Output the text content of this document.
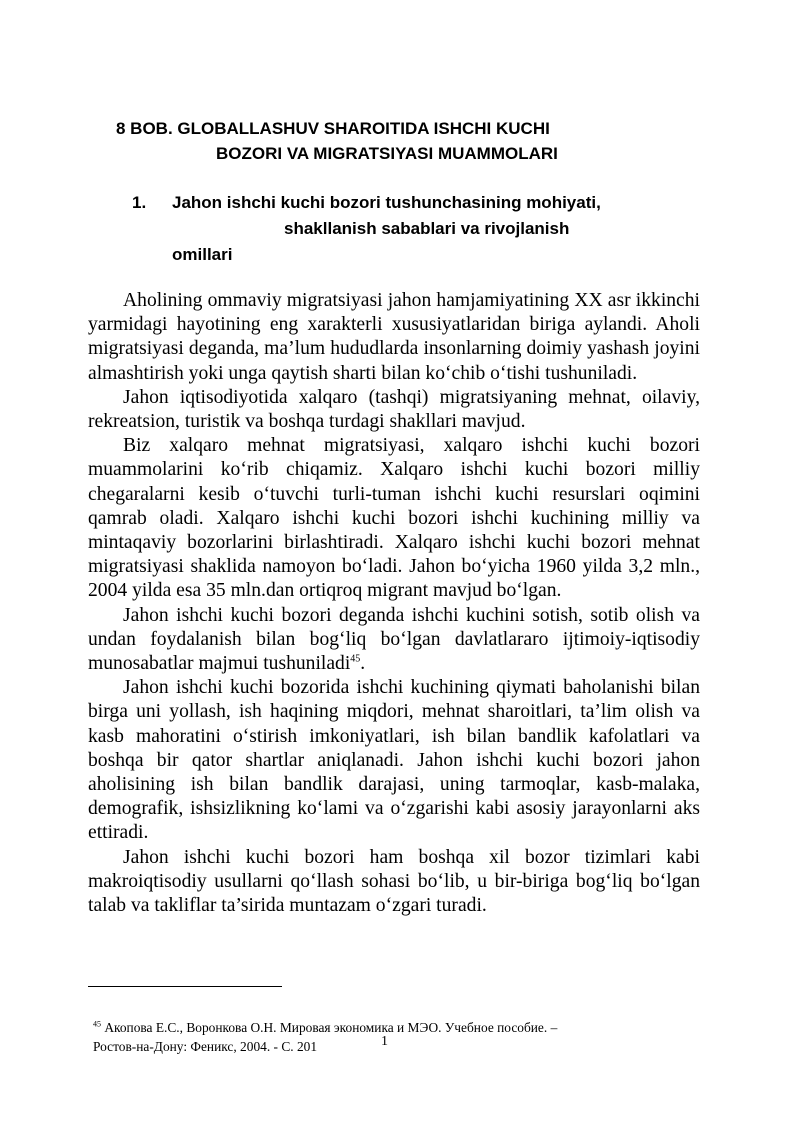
8 BOB. GLOBALLASHUV SHAROITIDA ISHCHI KUCHI
BOZORI VA MIGRATSIYASI MUAMMOLARI
1.	Jahon ishchi kuchi bozori tushunchasining mohiyati,
shakllanish sabablari va rivojlanish
omillari

Aholining ommaviy migratsiyasi jahon hamjamiyatining XX asr ikkinchi yarmidagi hayotining eng xarakterli xususiyatlaridan biriga aylandi. Aholi migratsiyasi deganda, ma’lum hududlarda insonlarning doimiy yashash joyini almashtirish yoki unga qaytish sharti bilan ko‘chib o‘tishi tushuniladi.

Jahon iqtisodiyotida xalqaro (tashqi) migratsiyaning mehnat, oilaviy, rekreatsion, turistik va boshqa turdagi shakllari mavjud.

Biz xalqaro mehnat migratsiyasi, xalqaro ishchi kuchi bozori muammolarini ko‘rib chiqamiz. Xalqaro ishchi kuchi bozori milliy chegaralarni kesib o‘tuvchi turli-tuman ishchi kuchi resurslari oqimini qamrab oladi. Xalqaro ishchi kuchi bozori ishchi kuchining milliy va mintaqaviy bozorlarini birlashtiradi. Xalqaro ishchi kuchi bozori mehnat migratsiyasi shaklida namoyon bo‘ladi. Jahon bo‘yicha 1960 yilda 3,2 mln., 2004 yilda esa 35 mln.dan ortiqroq migrant mavjud bo‘lgan.

Jahon ishchi kuchi bozori deganda ishchi kuchini sotish, sotib olish va undan foydalanish bilan bog‘liq bo‘lgan davlatlararo ijtimoiy-iqtisodiy munosabatlar majmui tushuniladi$^{45}$.

Jahon ishchi kuchi bozorida ishchi kuchining qiymati baholanishi bilan birga uni yollash, ish haqining miqdori, mehnat sharoitlari, ta’lim olish va kasb mahoratini o‘stirish imkoniyatlari, ish bilan bandlik kafolatlari va boshqa bir qator shartlar aniqlanadi. Jahon ishchi kuchi bozori jahon aholisining ish bilan bandlik darajasi, uning tarmoqlar, kasb-malaka, demografik, ishsizlikning ko‘lami va o‘zgarishi kabi asosiy jarayonlarni aks ettiradi.

Jahon ishchi kuchi bozori ham boshqa xil bozor tizimlari kabi makroiqtisodiy usullarni qo‘llash sohasi bo‘lib, u bir-biriga bog‘liq bo‘lgan talab va takliflar ta’sirida muntazam o‘zgari turadi.

$^{45}$ Акопова Е.С., Воронкова О.Н. Мировая экономика и МЭО. Учебное пособие. –
Ростов-на-Дону: Феникс, 2004. - С. 201	1
